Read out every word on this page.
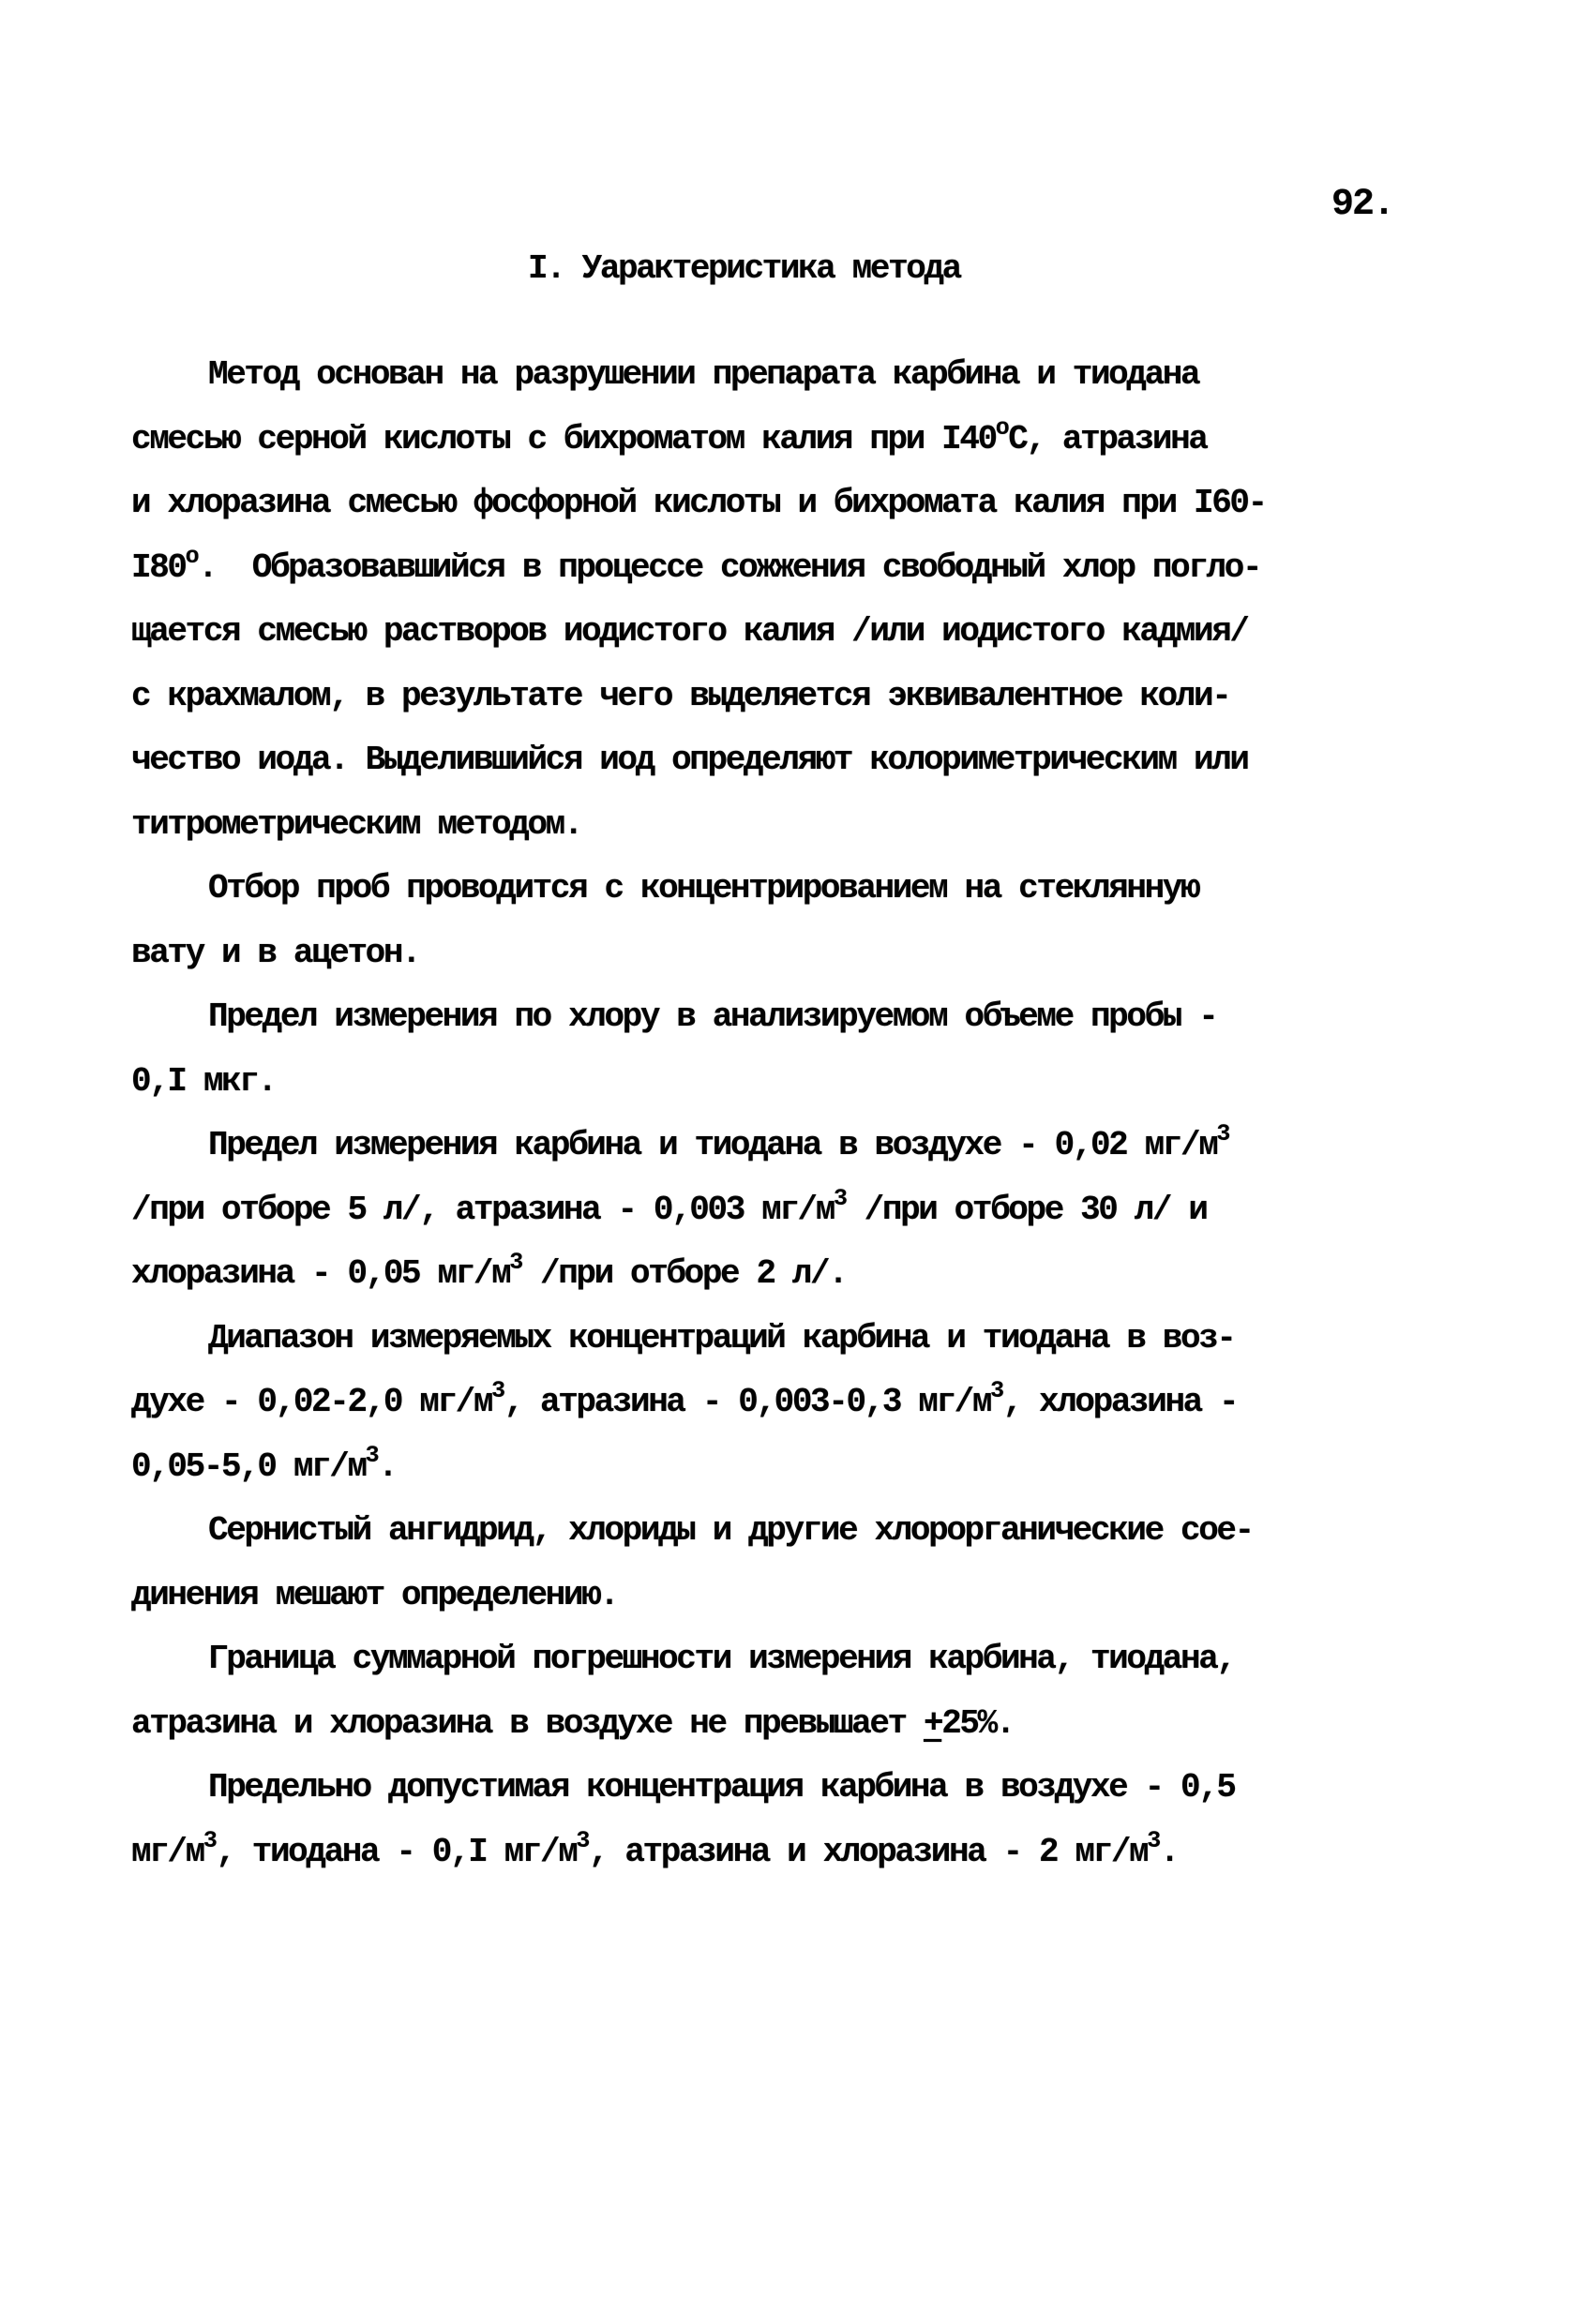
92.
I. Уарактеристика метода
Метод основан на разрушении препарата карбина и тиодана
смесью серной кислоты с бихроматом калия при $I40^оС$, атразина
и хлоразина смесью фосфорной кислоты и бихромата калия при I60-
$I80^о$.  Образовавшийся в процессе сожжения свободный хлор погло-
щается смесью растворов иодистого калия /или иодистого кадмия/
с крахмалом, в результате чего выделяется эквивалентное коли-
чество иода. Выделившийся иод определяют колориметрическим или
титрометрическим методом.
Отбор проб проводится с концентрированием на стеклянную
вату и в ацетон.
Предел измерения по хлору в анализируемом объеме пробы -
0,I мкг.
Предел измерения карбина и тиодана в воздухе - 0,02 $мг/м^3$
/при отборе 5 л/, атразина - 0,003 $мг/м^3$ /при отборе 30 л/ и
хлоразина - 0,05 $мг/м^3$ /при отборе 2 л/.
Диапазон измеряемых концентраций карбина и тиодана в воз-
духе - 0,02-2,0 $мг/м^3$, атразина - 0,003-0,3 $мг/м^3$, хлоразина -
0,05-5,0 $мг/м^3$.
Сернистый ангидрид, хлориды и другие хлорорганические сое-
динения мешают определению.
Граница суммарной погрешности измерения карбина, тиодана,
атразина и хлоразина в воздухе не превышает +25%.
Предельно допустимая концентрация карбина в воздухе - 0,5
$мг/м^3$, тиодана - 0,I $мг/м^3$, атразина и хлоразина - 2 $мг/м^3$.
